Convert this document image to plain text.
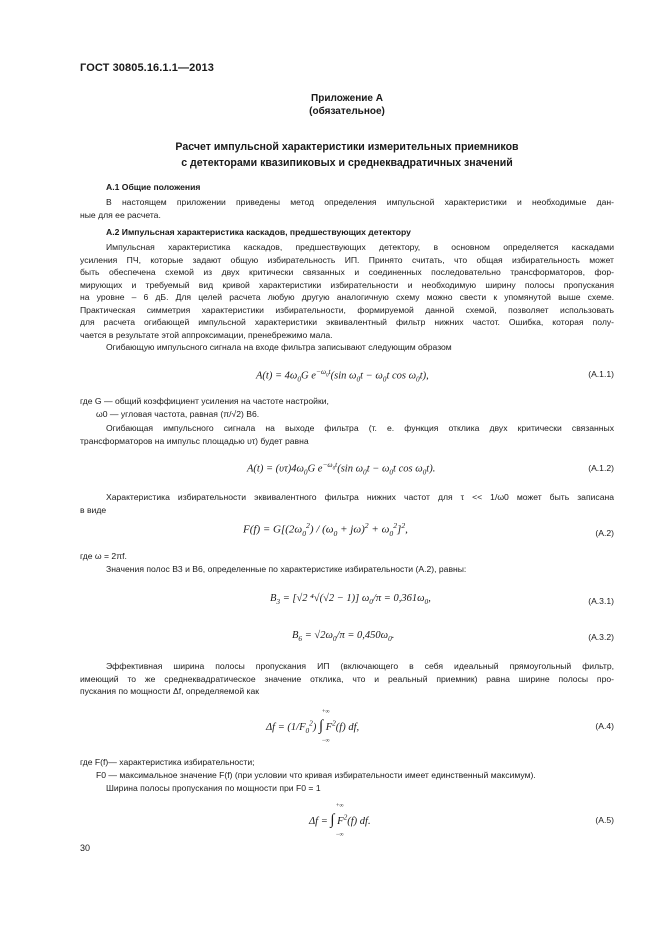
ГОСТ 30805.16.1.1—2013
Приложение А
(обязательное)
Расчет импульсной характеристики измерительных приемников
с детекторами квазипиковых и среднеквадратичных значений
А.1 Общие положения
В настоящем приложении приведены метод определения импульсной характеристики и необходимые дан-
ные для ее расчета.
А.2 Импульсная характеристика каскадов, предшествующих детектору
Импульсная характеристика каскадов, предшествующих детектору, в основном определяется каскадами
усиления ПЧ, которые задают общую избирательность ИП. Принято считать, что общая избирательность может
быть обеспечена схемой из двух критически связанных и соединенных последовательно трансформаторов, фор-
мирующих и требуемый вид кривой характеристики избирательности и необходимую ширину полосы пропускания
на уровне – 6 дБ. Для целей расчета любую другую аналогичную схему можно свести к упомянутой выше схеме.
Практическая симметрия характеристики избирательности, формируемой данной схемой, позволяет использовать
для расчета огибающей импульсной характеристики эквивалентный фильтр нижних частот. Ошибка, которая полу-
чается в результате этой аппроксимации, пренебрежимо мала.
Огибающую импульсного сигнала на входе фильтра записывают следующим образом
$A(t) = 4\omega_0G$ $e^{-\omega_0t}(\sin$ $\omega_0t - \omega_0t$ $\cos \omega_0t$),	(А.1.1)
где G — общий коэффициент усиления на частоте настройки,
ω0 — угловая частота, равная (π/√2) B6.
Огибающая импульсного сигнала на выходе фильтра (т. е. функция отклика двух критически связанных
трансформаторов на импульс площадью υτ) будет равна
$A(t) = (\upsilon\tau)4\omega_0G$ $e^{-\omega_0t}(\sin$ $\omega_0t - \omega_0t$ $\cos \omega_0t$).	(А.1.2)
Характеристика избирательности эквивалентного фильтра нижних частот для τ << 1/ω0 может быть записана
в виде
$F(f) = G[(2\omega_0^2) / (\omega_0 + j\omega)^2 + \omega_0^2]^2$,	(А.2)
где ω = 2πf.
Значения полос B3 и B6, определенные по характеристике избирательности (А.2), равны:
$B_3 = [√2$ ⁴√(√2 − 1)] $\omega_0/\pi = 0,361\omega_0$,	(А.3.1)
$B_6 = √2\omega_0/\pi = 0,450\omega_0$.	(А.3.2)
Эффективная ширина полосы пропускания ИП (включающего в себя идеальный прямоугольный фильтр,
имеющий то же среднеквадратическое значение отклика, что и реальный приемник) равна ширине полосы про-
пускания по мощности Δf, определяемой как
+∞
$\Delta f = (1/F_0^2)$ ∫ $F^2(f)$ df,
−∞
(А.4)
где F(f)— характеристика избирательности;
F0 — максимальное значение F(f) (при условии что кривая избирательности имеет единственный максимум).
Ширина полосы пропускания по мощности при F0 = 1
+∞
Δf = ∫ $F^2(f)$ df.
−∞
(А.5)
30
